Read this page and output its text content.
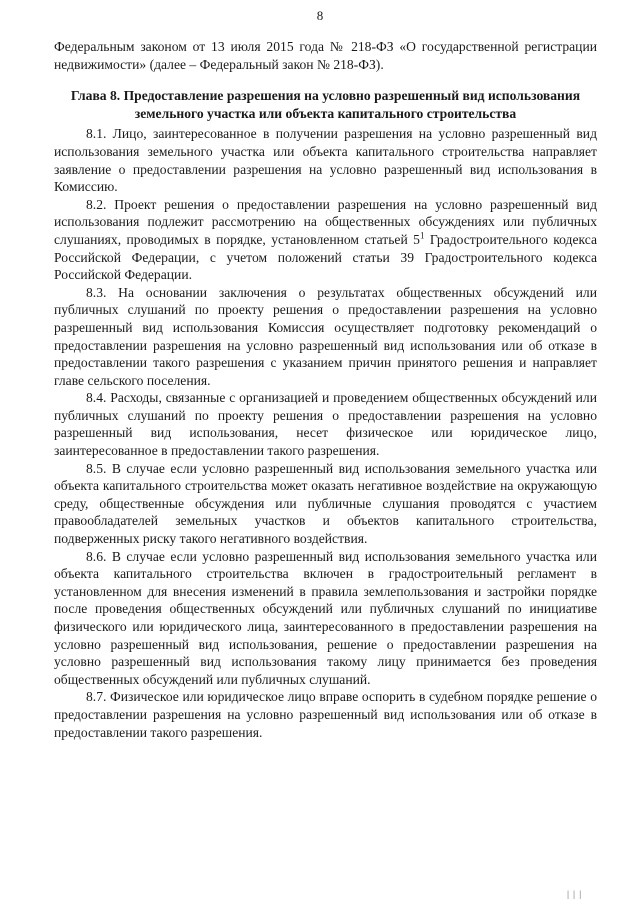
8

Федеральным законом от 13 июля 2015 года № 218-ФЗ «О государственной регистрации недвижимости» (далее – Федеральный закон № 218-ФЗ).

Глава 8. Предоставление разрешения на условно разрешенный вид использования земельного участка или объекта капитального строительства

8.1. Лицо, заинтересованное в получении разрешения на условно разрешенный вид использования земельного участка или объекта капитального строительства направляет заявление о предоставлении разрешения на условно разрешенный вид использования в Комиссию.

8.2. Проект решения о предоставлении разрешения на условно разрешенный вид использования подлежит рассмотрению на общественных обсуждениях или публичных слушаниях, проводимых в порядке, установленном статьей $5^1$ Градостроительного кодекса Российской Федерации, с учетом положений статьи 39 Градостроительного кодекса Российской Федерации.

8.3. На основании заключения о результатах общественных обсуждений или публичных слушаний по проекту решения о предоставлении разрешения на условно разрешенный вид использования Комиссия осуществляет подготовку рекомендаций о предоставлении разрешения на условно разрешенный вид использования или об отказе в предоставлении такого разрешения с указанием причин принятого решения и направляет главе сельского поселения.

8.4. Расходы, связанные с организацией и проведением общественных обсуждений или публичных слушаний по проекту решения о предоставлении разрешения на условно разрешенный вид использования, несет физическое или юридическое лицо, заинтересованное в предоставлении такого разрешения.

8.5. В случае если условно разрешенный вид использования земельного участка или объекта капитального строительства может оказать негативное воздействие на окружающую среду, общественные обсуждения или публичные слушания проводятся с участием правообладателей земельных участков и объектов капитального строительства, подверженных риску такого негативного воздействия.

8.6. В случае если условно разрешенный вид использования земельного участка или объекта капитального строительства включен в градостроительный регламент в установленном для внесения изменений в правила землепользования и застройки порядке после проведения общественных обсуждений или публичных слушаний по инициативе физического или юридического лица, заинтересованного в предоставлении разрешения на условно разрешенный вид использования, решение о предоставлении разрешения на условно разрешенный вид использования такому лицу принимается без проведения общественных обсуждений или публичных слушаний.

8.7. Физическое или юридическое лицо вправе оспорить в судебном порядке решение о предоставлении разрешения на условно разрешенный вид использования или об отказе в предоставлении такого разрешения.

| | |
